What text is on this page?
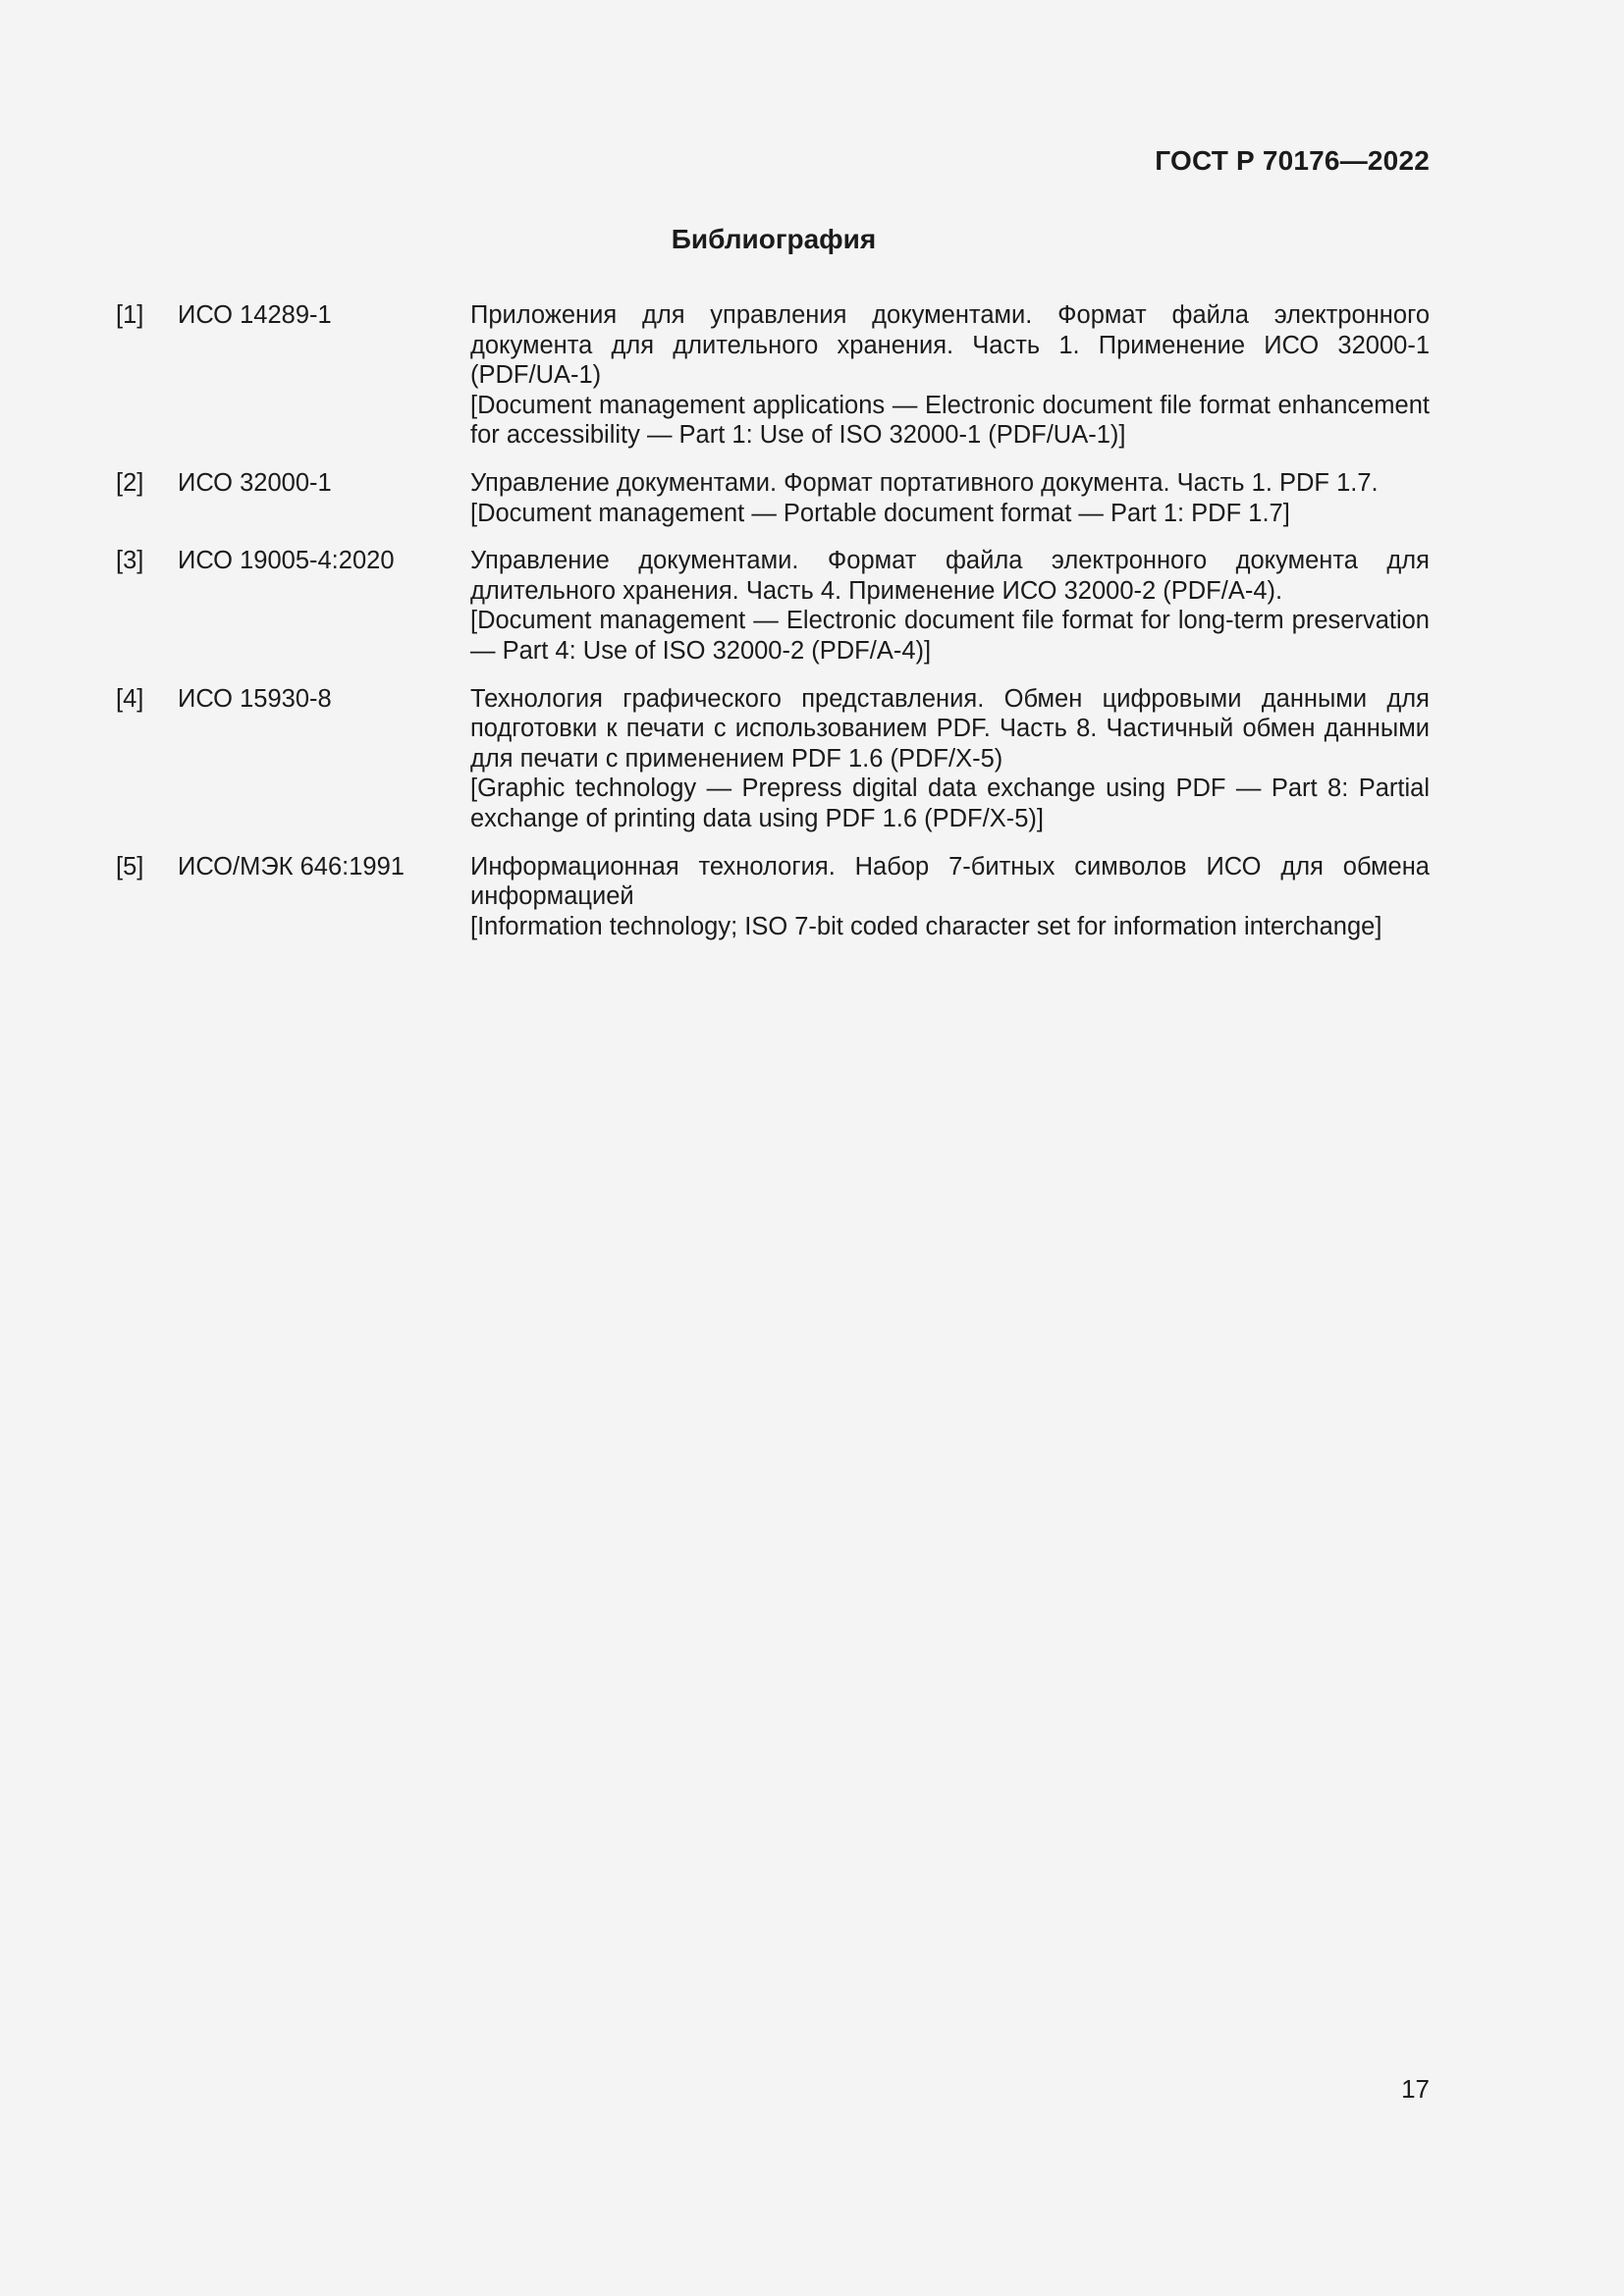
ГОСТ Р 70176—2022
Библиография
[1]	ИСО 14289-1	Приложения для управления документами. Формат файла электронного документа для длительного хранения. Часть 1. Применение ИСО 32000-1 (PDF/UA-1)

[Document management applications — Electronic document file format enhancement for accessibility — Part 1: Use of ISO 32000-1 (PDF/UA-1)]

[2]	ИСО 32000-1	Управление документами. Формат портативного документа. Часть 1. PDF 1.7.

[Document management — Portable document format — Part 1: PDF 1.7]

[3]	ИСО 19005-4:2020	Управление документами. Формат файла электронного документа для длительного хранения. Часть 4. Применение ИСО 32000-2 (PDF/A-4).

[Document management — Electronic document file format for long-term preservation — Part 4: Use of ISO 32000-2 (PDF/A-4)]

[4]	ИСО 15930-8	Технология графического представления. Обмен цифровыми данными для подготовки к печати с использованием PDF. Часть 8. Частичный обмен данными для печати с применением PDF 1.6 (PDF/X-5)

[Graphic technology — Prepress digital data exchange using PDF — Part 8: Partial exchange of printing data using PDF 1.6 (PDF/X-5)]

[5]	ИСО/МЭК 646:1991	Информационная технология. Набор 7-битных символов ИСО для обмена информацией

[Information technology; ISO 7-bit coded character set for information interchange]

17
